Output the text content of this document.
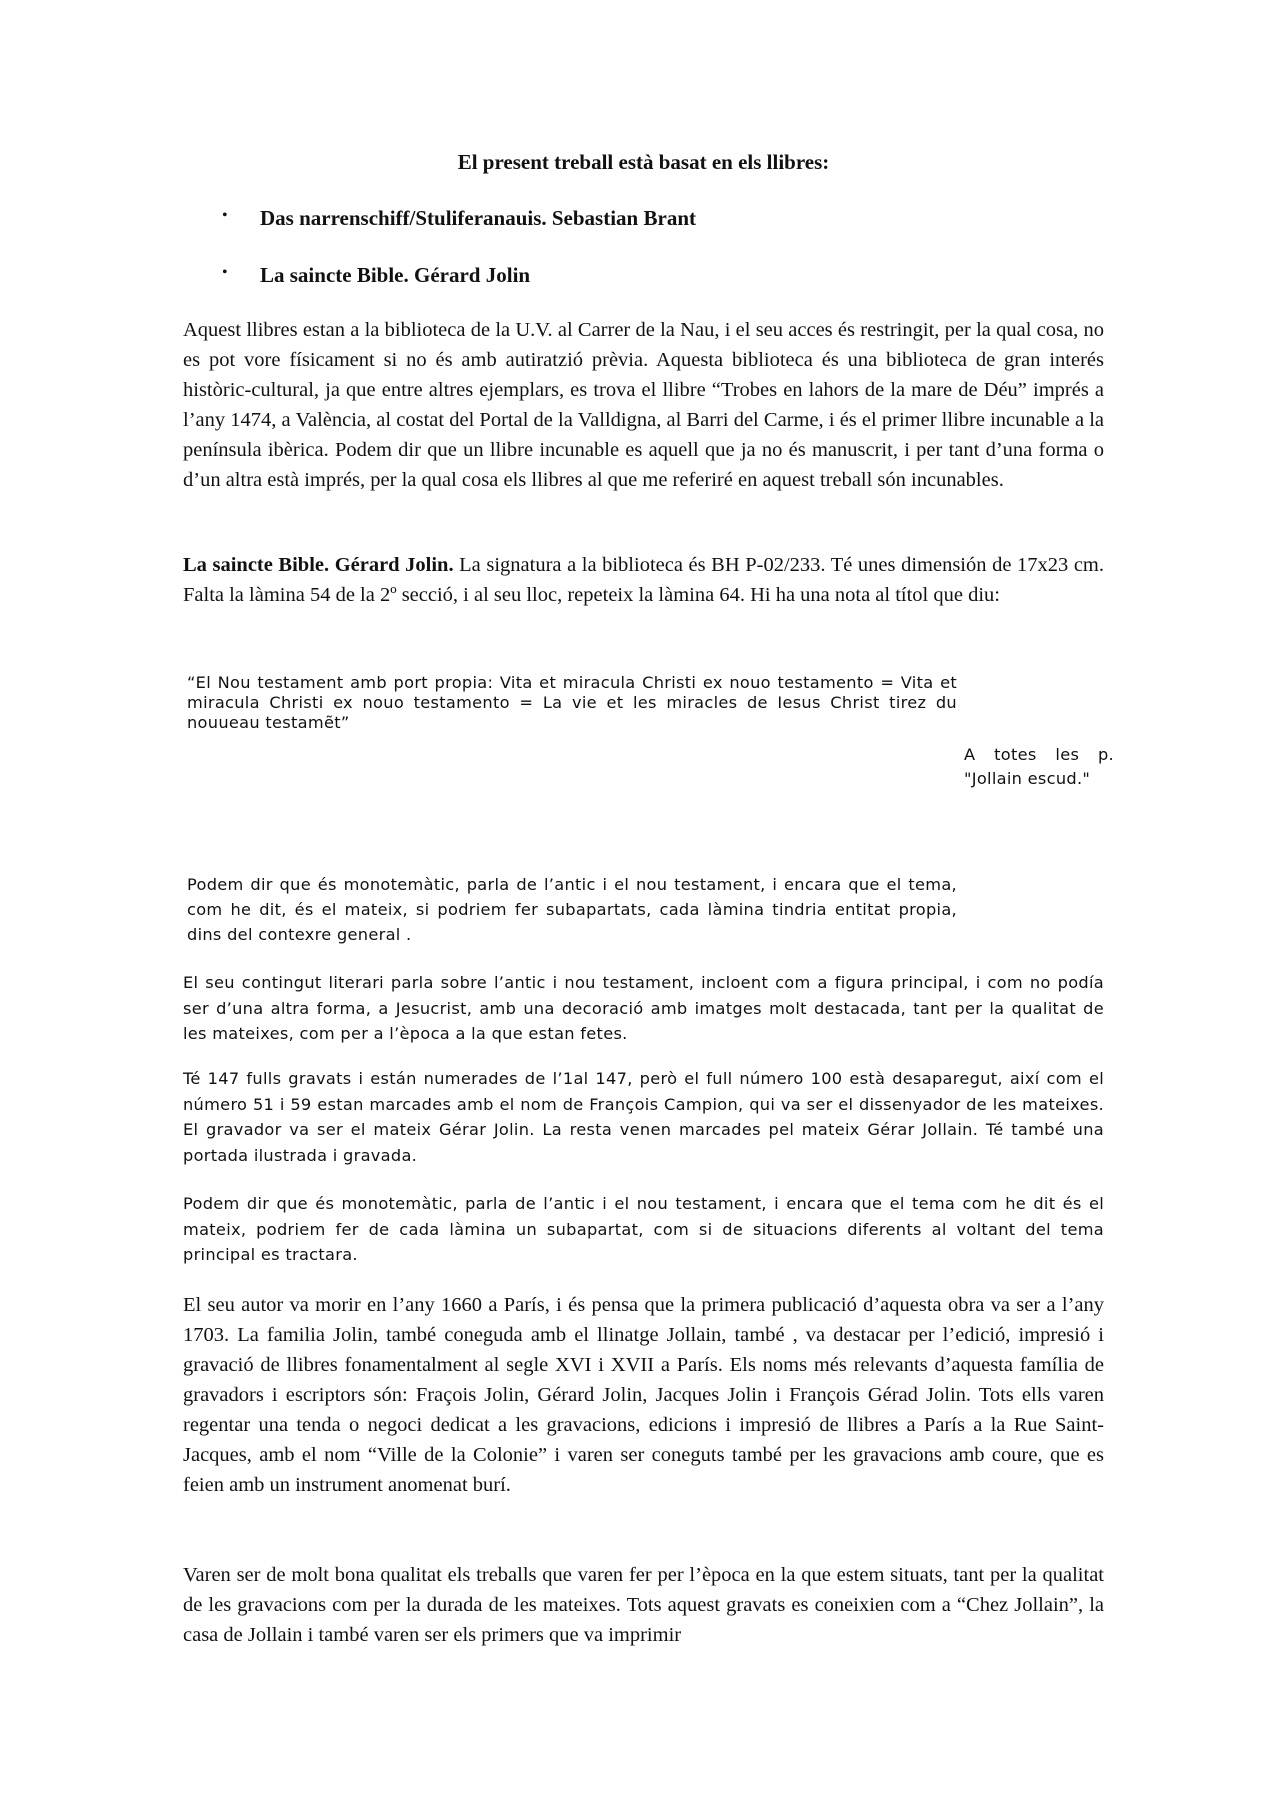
El present treball està basat en els llibres:
• Das narrenschiff/Stuliferanauis. Sebastian Brant
• La saincte Bible. Gérard Jolin

Aquest llibres estan a la biblioteca de la U.V. al Carrer de la Nau, i el seu acces és restringit, per la qual cosa, no es pot vore físicament si no és amb autiratzió prèvia. Aquesta biblioteca és una biblioteca de gran interés històric-cultural, ja que entre altres ejemplars, es trova el llibre “Trobes en lahors de la mare de Déu” imprés a l’any 1474, a València, al costat del Portal de la Valldigna, al Barri del Carme, i és el primer llibre incunable a la península ibèrica. Podem dir que un llibre incunable es aquell que ja no és manuscrit, i per tant d’una forma o d’un altra està imprés, per la qual cosa els llibres al que me referiré en aquest treball són incunables.

La saincte Bible. Gérard Jolin. La signatura a la biblioteca és BH P-02/233. Té unes dimensión de 17x23 cm. Falta la làmina 54 de la 2º secció, i al seu lloc, repeteix la làmina 64. Hi ha una nota al títol que diu:

“El Nou testament amb port propia: Vita et miracula Christi ex nouo testamento = Vita et miracula Christi ex nouo testamento = La vie et les miracles de Iesus Christ tirez du nouueau testamẽt”
A totes les p. "Jollain escud."
Podem dir que és monotemàtic, parla de l’antic i el nou testament, i encara que el tema, com he dit, és el mateix, si podriem fer subapartats, cada làmina tindria entitat propia, dins del contexre general .
El seu contingut literari parla sobre l’antic i nou testament, incloent com a figura principal, i com no podía ser d’una altra forma, a Jesucrist, amb una decoració amb imatges molt destacada, tant per la qualitat de les mateixes, com per a l’època a la que estan fetes.
Té 147 fulls gravats i están numerades de l’1al 147, però el full número 100 està desaparegut, així com el número 51 i 59 estan marcades amb el nom de François Campion, qui va ser el dissenyador de les mateixes. El gravador va ser el mateix Gérar Jolin. La resta venen marcades pel mateix Gérar Jollain. Té també una portada ilustrada i gravada.
Podem dir que és monotemàtic, parla de l’antic i el nou testament, i encara que el tema com he dit és el mateix, podriem fer de cada làmina un subapartat, com si de situacions diferents al voltant del tema principal es tractara.
El seu autor va morir en l’any 1660 a París, i és pensa que la primera publicació d’aquesta obra va ser a l’any 1703. La familia Jolin, també coneguda amb el llinatge Jollain, també , va destacar per l’edició, impresió i gravació de llibres fonamentalment al segle XVI i XVII a París. Els noms més relevants d’aquesta família de gravadors i escriptors són: Fraçois Jolin, Gérard Jolin, Jacques Jolin i François Gérad Jolin. Tots ells varen regentar una tenda o negoci dedicat a les gravacions, edicions i impresió de llibres a París a la Rue Saint-Jacques, amb el nom “Ville de la Colonie” i varen ser coneguts també per les gravacions amb coure, que es feien amb un instrument anomenat burí.
Varen ser de molt bona qualitat els treballs que varen fer per l’època en la que estem situats, tant per la qualitat de les gravacions com per la durada de les mateixes. Tots aquest gravats es coneixien com a “Chez Jollain”, la casa de Jollain i també varen ser els primers que va imprimir
